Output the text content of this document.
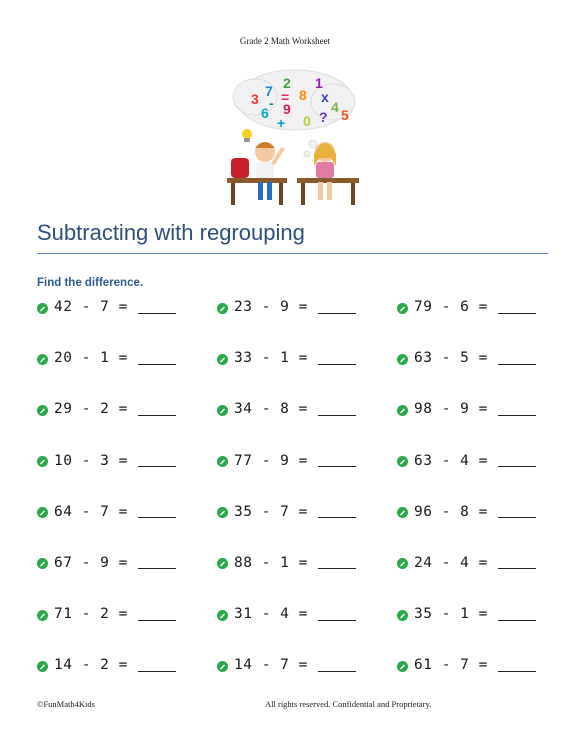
Grade 2 Math Worksheet
3 7 2
8
1
6 9
x
4 5
?
+ 0
=
-
Subtracting with regrouping
Find the difference.
42 - 7 =	23 - 9 =	79 - 6 =
20 - 1 =	33 - 1 =	63 - 5 =
29 - 2 =	34 - 8 =	98 - 9 =
10 - 3 =	77 - 9 =	63 - 4 =
64 - 7 =	35 - 7 =	96 - 8 =
67 - 9 =	88 - 1 =	24 - 4 =
71 - 2 =	31 - 4 =	35 - 1 =
14 - 2 =	14 - 7 =	61 - 7 =
©FunMath4Kids	All rights reserved. Confidential and Proprietary.
